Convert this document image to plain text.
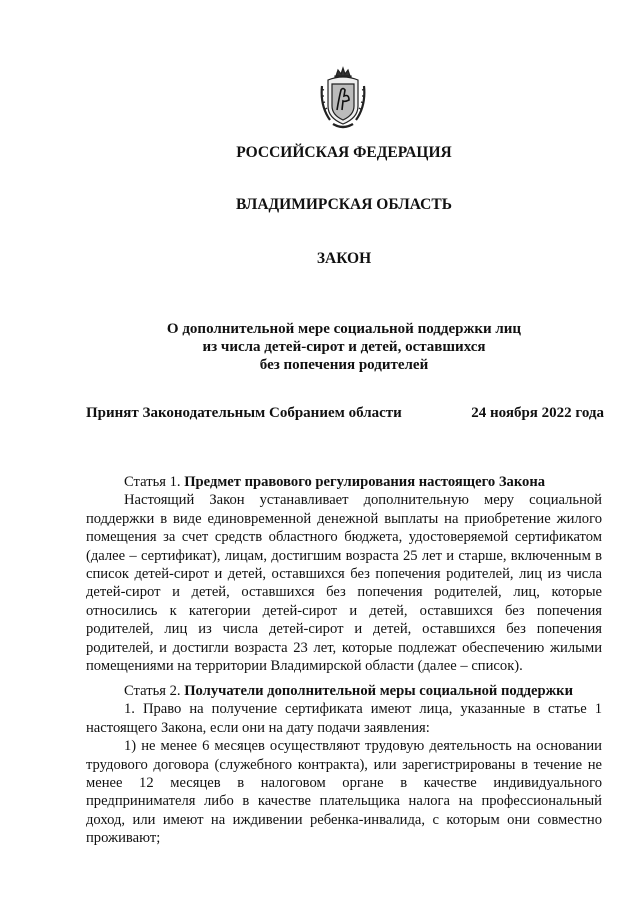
РОССИЙСКАЯ ФЕДЕРАЦИЯ
ВЛАДИМИРСКАЯ ОБЛАСТЬ
ЗАКОН
О дополнительной мере социальной поддержки лиц
из числа детей-сирот и детей, оставшихся
без попечения родителей
Принят Законодательным Собранием области	24 ноября 2022 года
Статья 1. Предмет правового регулирования настоящего Закона

Настоящий Закон устанавливает дополнительную меру социальной поддержки в виде единовременной денежной выплаты на приобретение жилого помещения за счет средств областного бюджета, удостоверяемой сертификатом (далее – сертификат), лицам, достигшим возраста 25 лет и старше, включенным в список детей-сирот и детей, оставшихся без попечения родителей, лиц из числа детей-сирот и детей, оставшихся без попечения родителей, лиц, которые относились к категории детей-сирот и детей, оставшихся без попечения родителей, лиц из числа детей-сирот и детей, оставшихся без попечения родителей, и достигли возраста 23 лет, которые подлежат обеспечению жилыми помещениями на территории Владимирской области (далее – список).

Статья 2. Получатели дополнительной меры социальной поддержки

1. Право на получение сертификата имеют лица, указанные в статье 1 настоящего Закона, если они на дату подачи заявления:

1) не менее 6 месяцев осуществляют трудовую деятельность на основании трудового договора (служебного контракта), или зарегистрированы в течение не менее 12 месяцев в налоговом органе в качестве индивидуального предпринимателя либо в качестве плательщика налога на профессиональный доход, или имеют на иждивении ребенка-инвалида, с которым они совместно проживают;
